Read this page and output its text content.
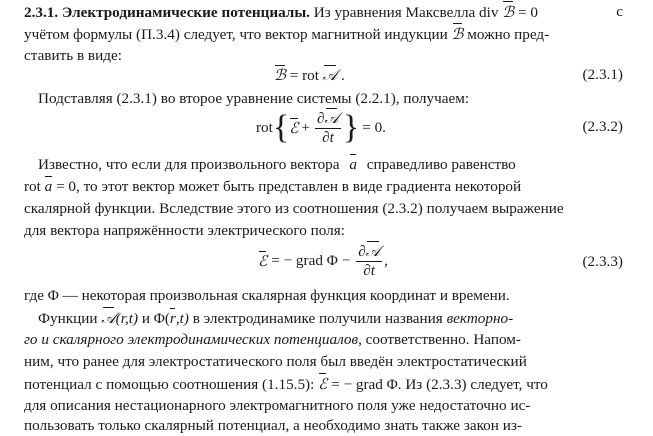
2.3.1. Электродинамические потенциалы. Из уравнения Максвелла div ℬ = 0	с
учётом формулы (П.3.4) следует, что вектор магнитной индукции ℬ можно пред-
ставить в виде:
ℬ = rot 𝒜 .	(2.3.1)
Подставляя (2.3.1) во второе уравнение системы (2.2.1), получаем:
rot { ℰ + $\frac{\text{∂𝒜}}{\partial t}$ } = 0.	(2.3.2)
Известно, что если для произвольного вектора a справедливо равенство
rot a = 0, то этот вектор может быть представлен в виде градиента некоторой
скалярной функции. Вследствие этого из соотношения (2.3.2) получаем выражение
для вектора напряжённости электрического поля:
ℰ = − grad $\Phi - \frac{\text{∂𝒜}}{\partial t}$ ,	(2.3.3)
где Φ — некоторая произвольная скалярная функция координат и времени.
Функции 𝒜(r,t) и Φ(r,t) в электродинамике получили названия векторно-
го и скалярного электродинамических потенциалов, соответственно. Напом-
ним, что ранее для электростатического поля был введён электростатический
потенциал с помощью соотношения (1.15.5): ℰ = − grad Φ. Из (2.3.3) следует, что
для описания нестационарного электромагнитного поля уже недостаточно ис-
пользовать только скалярный потенциал, а необходимо знать также закон из-
